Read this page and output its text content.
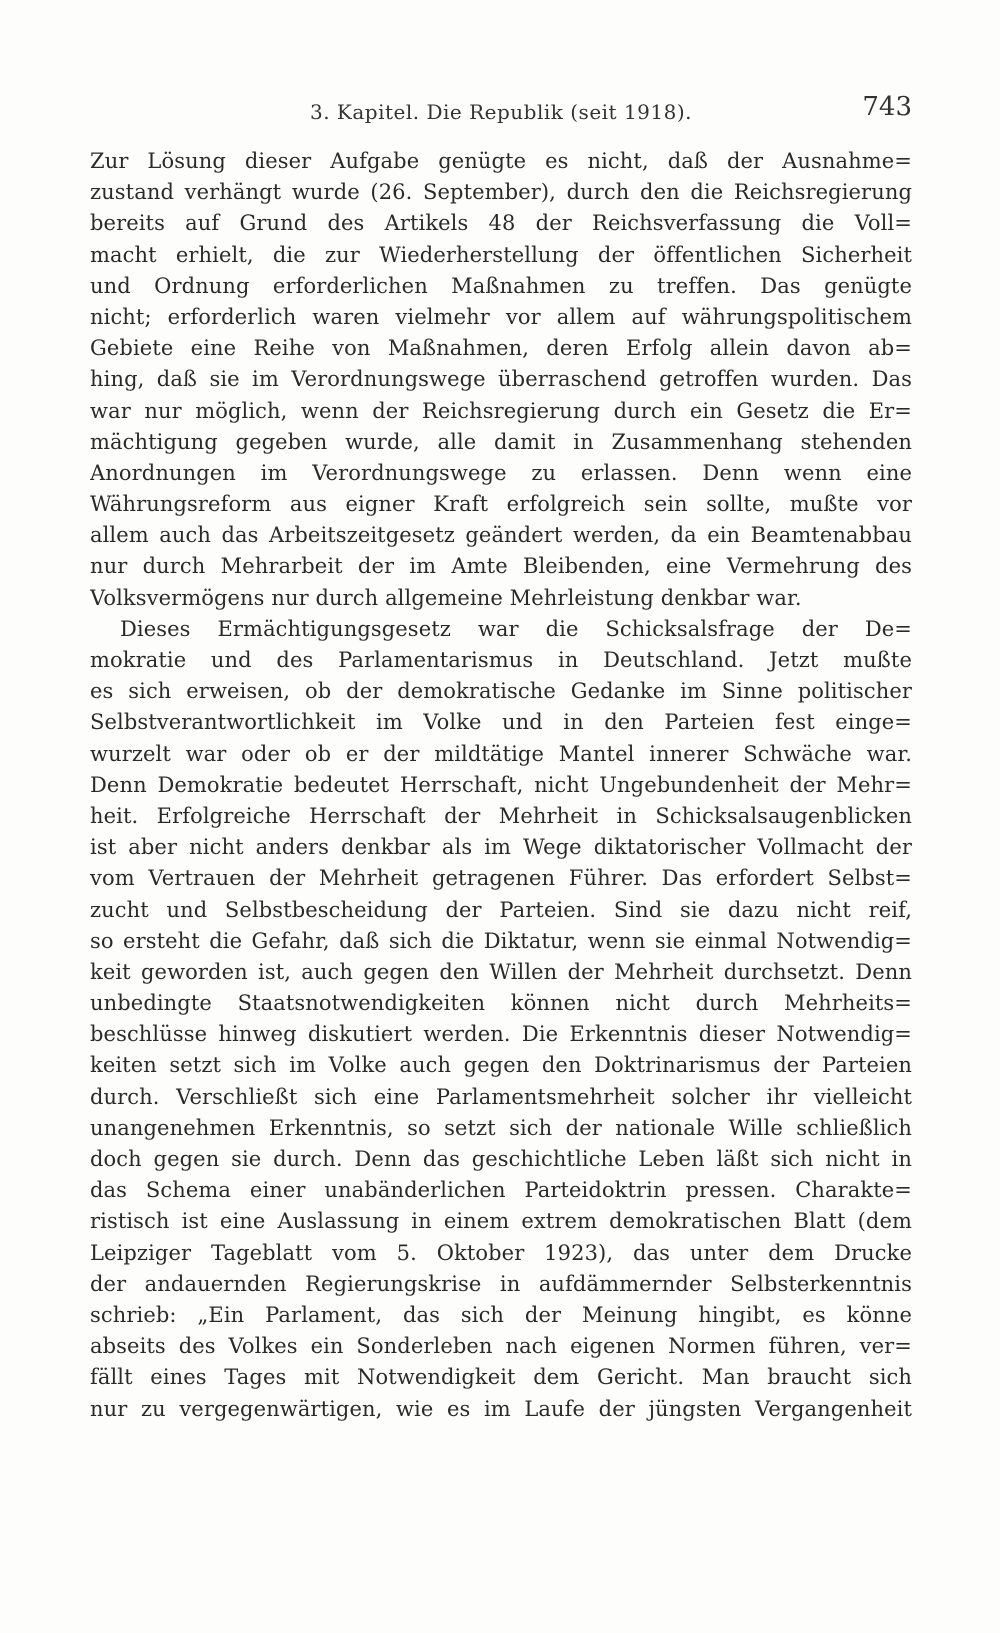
3. Kapitel. Die Republik (seit 1918).	743
Zur Lösung dieser Aufgabe genügte es nicht, daß der Ausnahme=
zustand verhängt wurde (26. September), durch den die Reichsregierung
bereits auf Grund des Artikels 48 der Reichsverfassung die Voll=
macht erhielt, die zur Wiederherstellung der öffentlichen Sicherheit
und Ordnung erforderlichen Maßnahmen zu treffen. Das genügte
nicht; erforderlich waren vielmehr vor allem auf währungspolitischem
Gebiete eine Reihe von Maßnahmen, deren Erfolg allein davon ab=
hing, daß sie im Verordnungswege überraschend getroffen wurden. Das
war nur möglich, wenn der Reichsregierung durch ein Gesetz die Er=
mächtigung gegeben wurde, alle damit in Zusammenhang stehenden
Anordnungen im Verordnungswege zu erlassen. Denn wenn eine
Währungsreform aus eigner Kraft erfolgreich sein sollte, mußte vor
allem auch das Arbeitszeitgesetz geändert werden, da ein Beamtenabbau
nur durch Mehrarbeit der im Amte Bleibenden, eine Vermehrung des
Volksvermögens nur durch allgemeine Mehrleistung denkbar war.
Dieses Ermächtigungsgesetz war die Schicksalsfrage der De=
mokratie und des Parlamentarismus in Deutschland. Jetzt mußte
es sich erweisen, ob der demokratische Gedanke im Sinne politischer
Selbstverantwortlichkeit im Volke und in den Parteien fest einge=
wurzelt war oder ob er der mildtätige Mantel innerer Schwäche war.
Denn Demokratie bedeutet Herrschaft, nicht Ungebundenheit der Mehr=
heit. Erfolgreiche Herrschaft der Mehrheit in Schicksalsaugenblicken
ist aber nicht anders denkbar als im Wege diktatorischer Vollmacht der
vom Vertrauen der Mehrheit getragenen Führer. Das erfordert Selbst=
zucht und Selbstbescheidung der Parteien. Sind sie dazu nicht reif,
so ersteht die Gefahr, daß sich die Diktatur, wenn sie einmal Notwendig=
keit geworden ist, auch gegen den Willen der Mehrheit durchsetzt. Denn
unbedingte Staatsnotwendigkeiten können nicht durch Mehrheits=
beschlüsse hinweg diskutiert werden. Die Erkenntnis dieser Notwendig=
keiten setzt sich im Volke auch gegen den Doktrinarismus der Parteien
durch. Verschließt sich eine Parlamentsmehrheit solcher ihr vielleicht
unangenehmen Erkenntnis, so setzt sich der nationale Wille schließlich
doch gegen sie durch. Denn das geschichtliche Leben läßt sich nicht in
das Schema einer unabänderlichen Parteidoktrin pressen. Charakte=
ristisch ist eine Auslassung in einem extrem demokratischen Blatt (dem
Leipziger Tageblatt vom 5. Oktober 1923), das unter dem Drucke
der andauernden Regierungskrise in aufdämmernder Selbsterkenntnis
schrieb: „Ein Parlament, das sich der Meinung hingibt, es könne
abseits des Volkes ein Sonderleben nach eigenen Normen führen, ver=
fällt eines Tages mit Notwendigkeit dem Gericht. Man braucht sich
nur zu vergegenwärtigen, wie es im Laufe der jüngsten Vergangenheit
